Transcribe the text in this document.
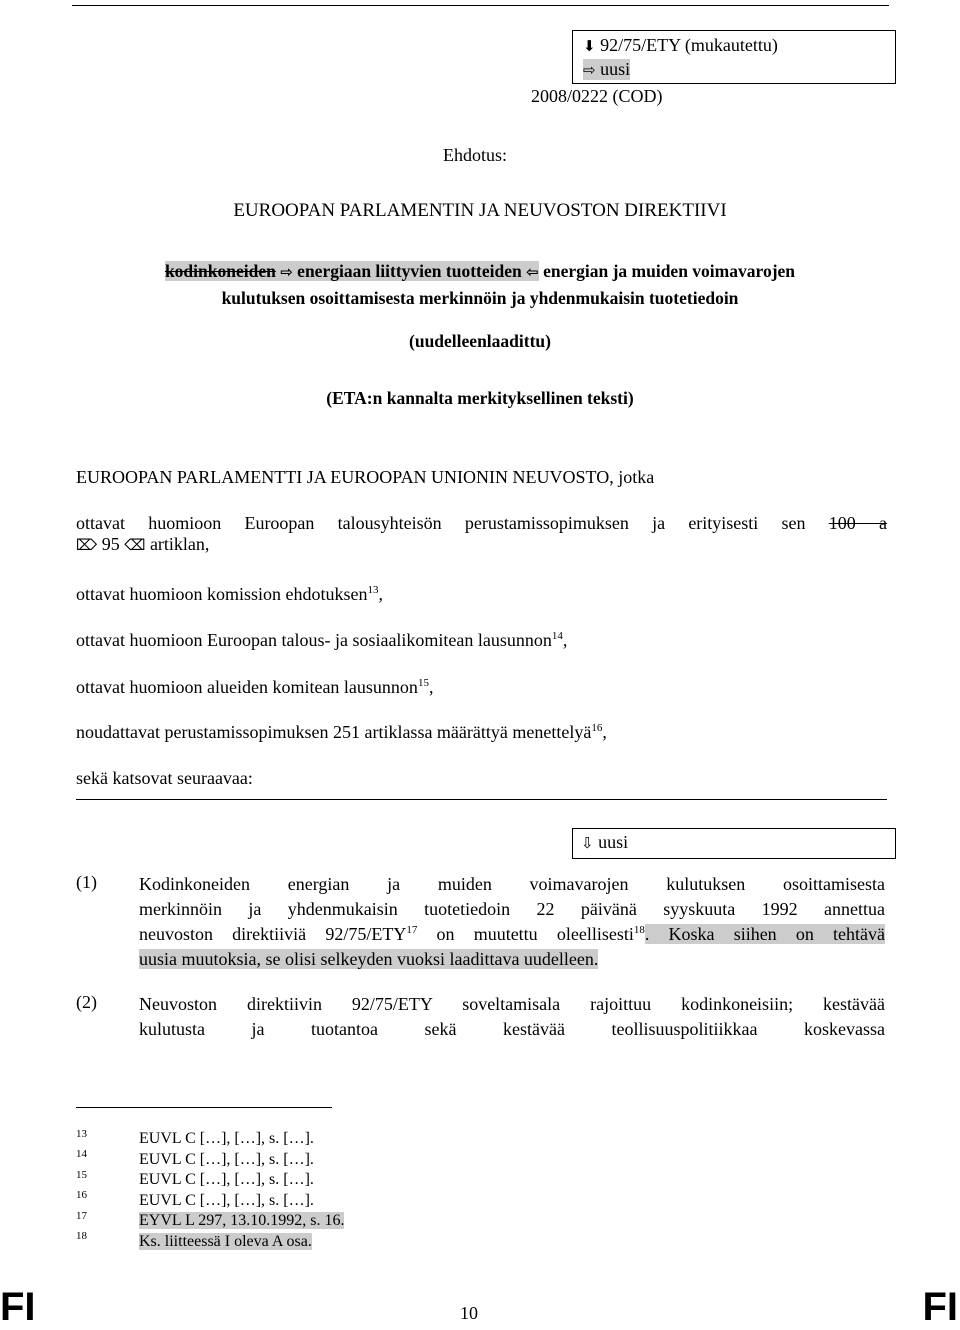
⬇ 92/75/ETY (mukautettu)
⇨ uusi
2008/0222 (COD)
Ehdotus:
EUROOPAN PARLAMENTIN JA NEUVOSTON DIREKTIIVI
kodinkoneiden ⇨ energiaan liittyvien tuotteiden ⇦ energian ja muiden voimavarojen
kulutuksen osoittamisesta merkinnöin ja yhdenmukaisin tuotetiedoin
(uudelleenlaadittu)
(ETA:n kannalta merkityksellinen teksti)
EUROOPAN PARLAMENTTI JA EUROOPAN UNIONIN NEUVOSTO, jotka
ottavat huomioon Euroopan talousyhteisön perustamissopimuksen ja erityisesti sen 100 a
⌦ 95 ⌫ artiklan,
ottavat huomioon komission ehdotuksen$^{13}$,
ottavat huomioon Euroopan talous- ja sosiaalikomitean lausunnon$^{14}$,
ottavat huomioon alueiden komitean lausunnon$^{15}$,
noudattavat perustamissopimuksen 251 artiklassa määrättyä menettelyä$^{16}$,
sekä katsovat seuraavaa:
⇩ uusi
(1) Kodinkoneiden energian ja muiden voimavarojen kulutuksen osoittamisesta
merkinnöin ja yhdenmukaisin tuotetiedoin 22 päivänä syyskuuta 1992 annettua
neuvoston direktiiviä 92/75/ETY$^{17}$ on muutettu oleellisesti$^{18}$. Koska siihen on tehtävä
uusia muutoksia, se olisi selkeyden vuoksi laadittava uudelleen.
(2) Neuvoston direktiivin 92/75/ETY soveltamisala rajoittuu kodinkoneisiin; kestävää
kulutusta ja tuotantoa sekä kestävää teollisuuspolitiikkaa koskevassa
13	EUVL C […], […], s. […].
14	EUVL C […], […], s. […].
15	EUVL C […], […], s. […].
16	EUVL C […], […], s. […].
17	EYVL L 297, 13.10.1992, s. 16.
18	Ks. liitteessä I oleva A osa.
FI	10	FI
